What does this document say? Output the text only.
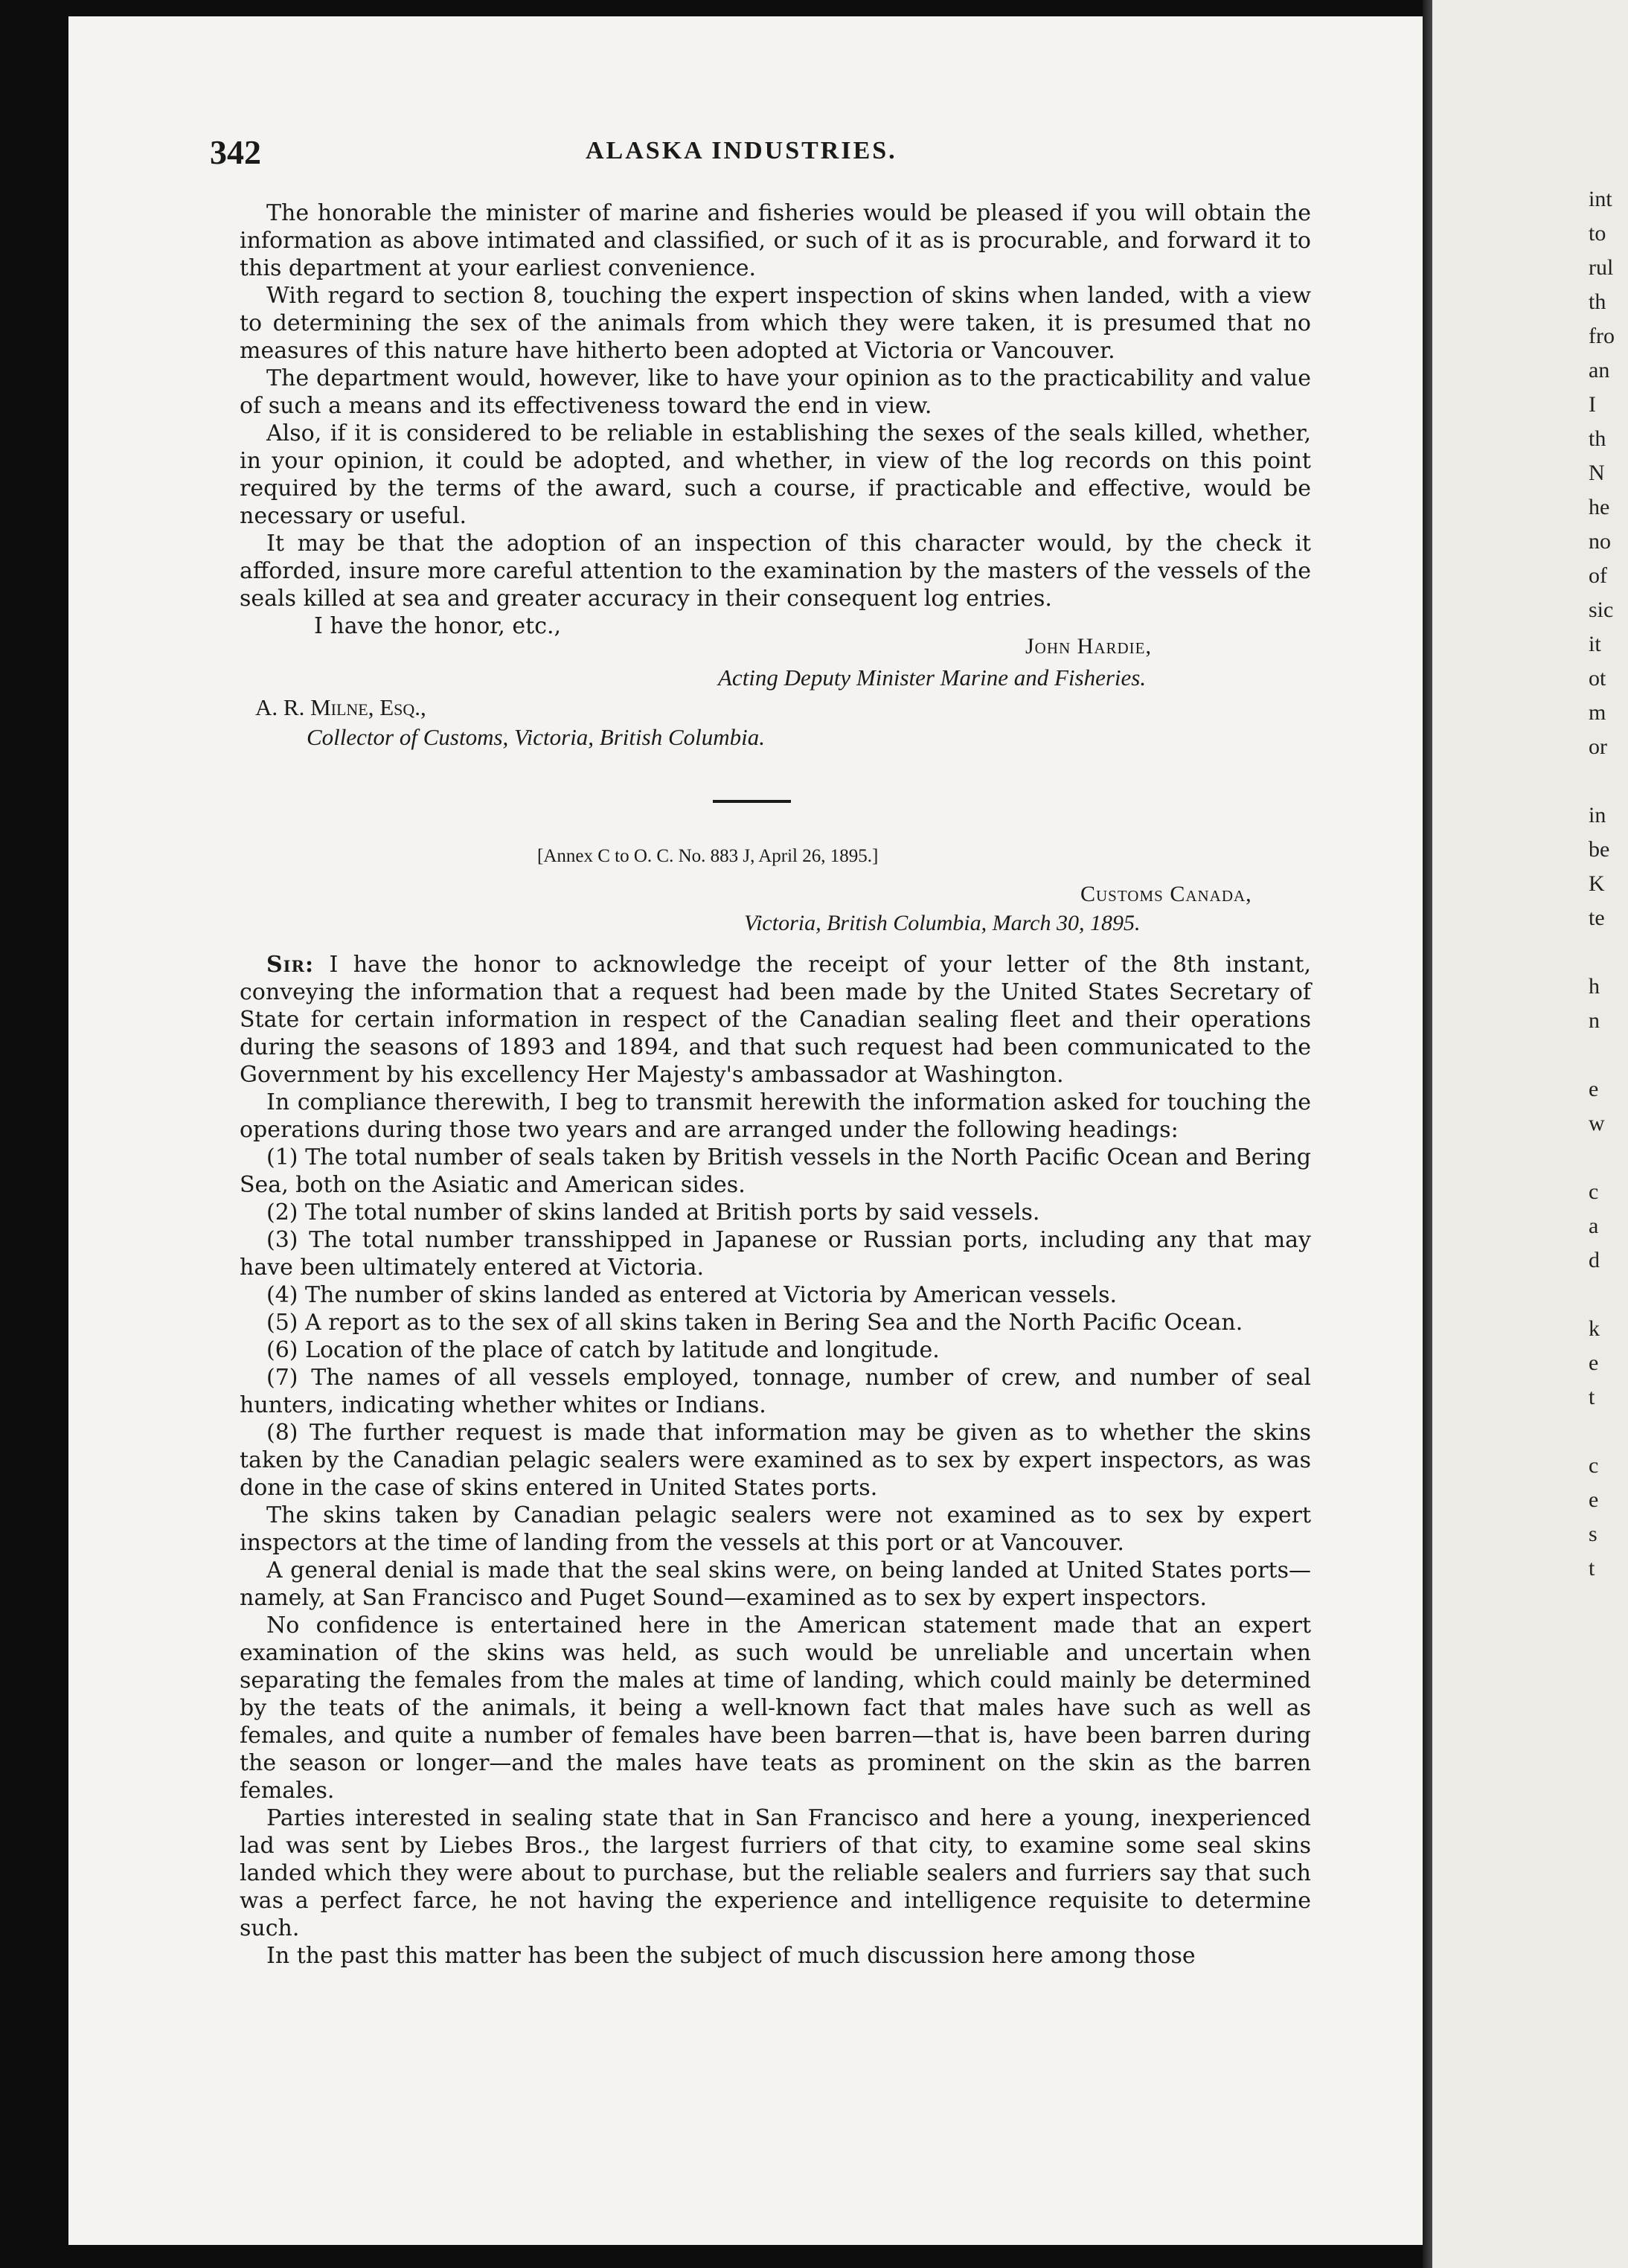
int
to
rul
th
fro
an
I
th
N
he
no
of
sic
it
ot
m
or
in
be
K
te
h
n
e
w
c
a
d
k
e
t
c
e
s
t
342	ALASKA INDUSTRIES.

The honorable the minister of marine and fisheries would be pleased if you will obtain the information as above intimated and classified, or such of it as is procurable, and forward it to this department at your earliest convenience.

With regard to section 8, touching the expert inspection of skins when landed, with a view to determining the sex of the animals from which they were taken, it is presumed that no measures of this nature have hitherto been adopted at Victoria or Vancouver.

The department would, however, like to have your opinion as to the practicability and value of such a means and its effectiveness toward the end in view.

Also, if it is considered to be reliable in establishing the sexes of the seals killed, whether, in your opinion, it could be adopted, and whether, in view of the log records on this point required by the terms of the award, such a course, if practicable and effective, would be necessary or useful.

It may be that the adoption of an inspection of this character would, by the check it afforded, insure more careful attention to the examination by the masters of the vessels of the seals killed at sea and greater accuracy in their consequent log entries.

I have the honor, etc.,

John Hardie,
Acting Deputy Minister Marine and Fisheries.
A. R. Milne, Esq.,
Collector of Customs, Victoria, British Columbia.
[Annex C to O. C. No. 883 J, April 26, 1895.]
Customs Canada,
Victoria, British Columbia, March 30, 1895.

Sir: I have the honor to acknowledge the receipt of your letter of the 8th instant, conveying the information that a request had been made by the United States Secretary of State for certain information in respect of the Canadian sealing fleet and their operations during the seasons of 1893 and 1894, and that such request had been communicated to the Government by his excellency Her Majesty's ambassador at Washington.

In compliance therewith, I beg to transmit herewith the information asked for touching the operations during those two years and are arranged under the following headings:

(1) The total number of seals taken by British vessels in the North Pacific Ocean and Bering Sea, both on the Asiatic and American sides.

(2) The total number of skins landed at British ports by said vessels.

(3) The total number transshipped in Japanese or Russian ports, including any that may have been ultimately entered at Victoria.

(4) The number of skins landed as entered at Victoria by American vessels.

(5) A report as to the sex of all skins taken in Bering Sea and the North Pacific Ocean.

(6) Location of the place of catch by latitude and longitude.

(7) The names of all vessels employed, tonnage, number of crew, and number of seal hunters, indicating whether whites or Indians.

(8) The further request is made that information may be given as to whether the skins taken by the Canadian pelagic sealers were examined as to sex by expert inspectors, as was done in the case of skins entered in United States ports.

The skins taken by Canadian pelagic sealers were not examined as to sex by expert inspectors at the time of landing from the vessels at this port or at Vancouver.

A general denial is made that the seal skins were, on being landed at United States ports—namely, at San Francisco and Puget Sound—examined as to sex by expert inspectors.

No confidence is entertained here in the American statement made that an expert examination of the skins was held, as such would be unreliable and uncertain when separating the females from the males at time of landing, which could mainly be determined by the teats of the animals, it being a well-known fact that males have such as well as females, and quite a number of females have been barren—that is, have been barren during the season or longer—and the males have teats as prominent on the skin as the barren females.

Parties interested in sealing state that in San Francisco and here a young, inexperienced lad was sent by Liebes Bros., the largest furriers of that city, to examine some seal skins landed which they were about to purchase, but the reliable sealers and furriers say that such was a perfect farce, he not having the experience and intelligence requisite to determine such.

In the past this matter has been the subject of much discussion here among those
